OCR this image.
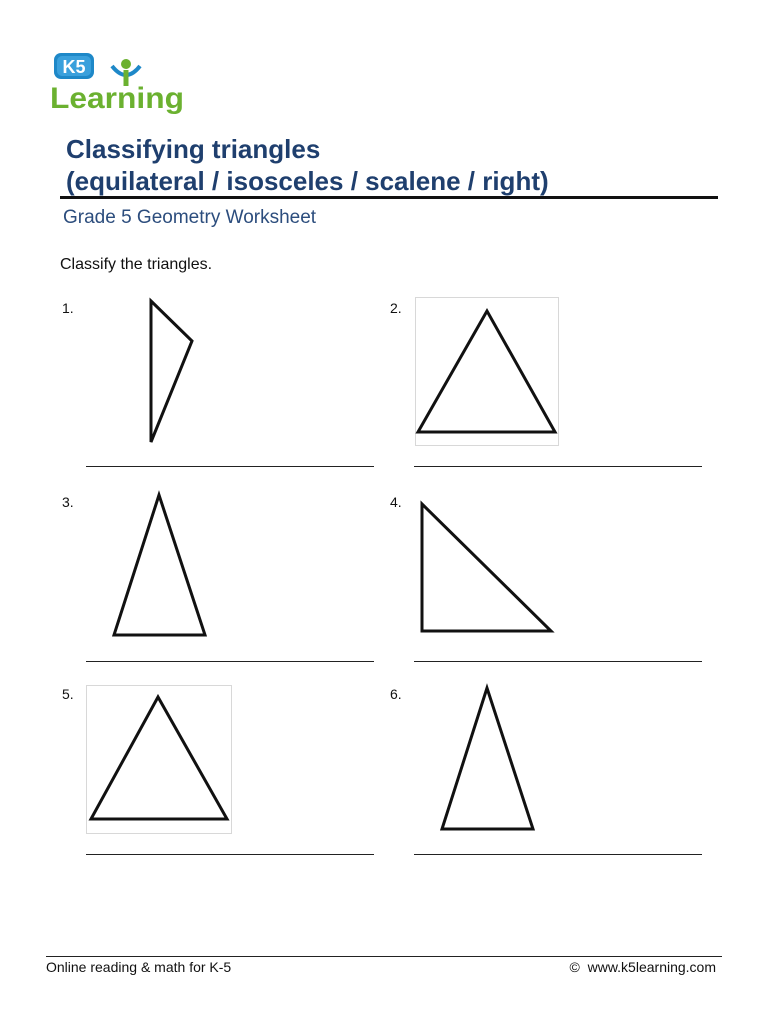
K5
Learning
Classifying triangles
(equilateral / isosceles / scalene / right)
Grade 5 Geometry Worksheet
Classify the triangles.
1.	2.
3.	4.
5.	6.
Online reading & math for K-5	© www.k5learning.com
